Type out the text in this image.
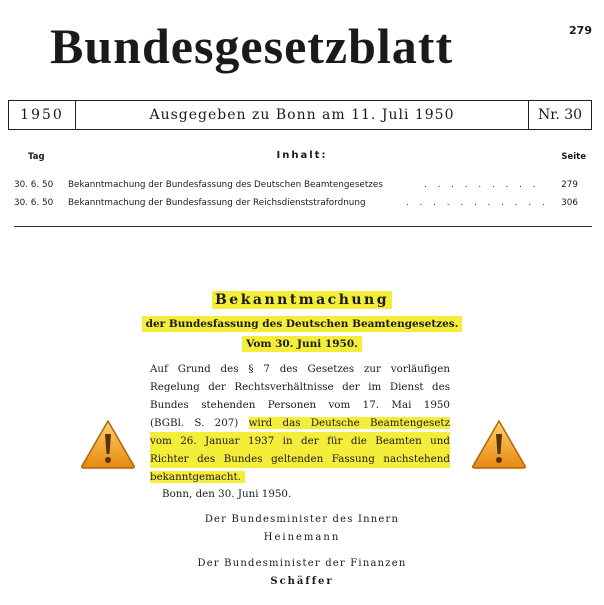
Bundesgesetzblatt	279
1950	Ausgegeben zu Bonn am 11. Juli 1950	Nr. 30
Tag	Inhalt:	Seite
30. 6. 50 Bekanntmachung der Bundesfassung des Deutschen Beamtengesetzes	. . . . . . . . . 279
30. 6. 50 Bekanntmachung der Bundesfassung der Reichsdienststrafordnung	. . . . . . . . . . . 306
Bekanntmachung
der Bundesfassung des Deutschen Beamtengesetzes.
Vom 30. Juni 1950.
Auf Grund des § 7 des Gesetzes zur vorläufigen
Regelung der Rechtsverhältnisse der im Dienst des
Bundes stehenden Personen vom 17. Mai 1950
(BGBl. S. 207) wird das Deutsche Beamtengesetz
vom 26. Januar 1937 in der für die Beamten und
Richter des Bundes geltenden Fassung nachstehend
bekanntgemacht.
Bonn, den 30. Juni 1950.
Der Bundesminister des Innern
Heinemann
Der Bundesminister der Finanzen
Schäffer
